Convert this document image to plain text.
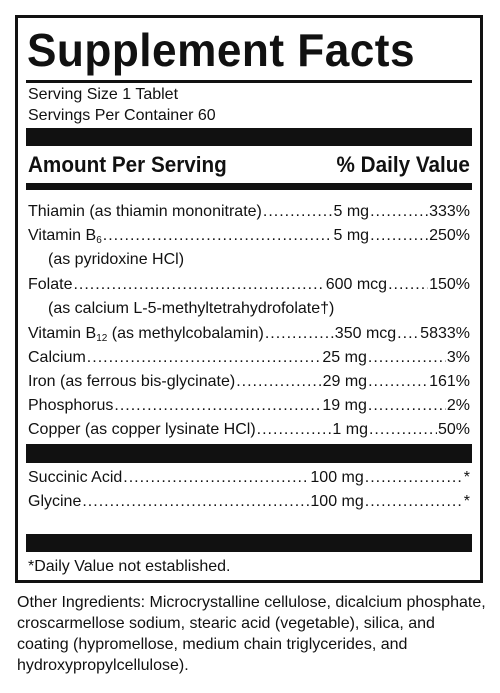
Supplement Facts
Serving Size 1 Tablet
Servings Per Container 60
Amount Per Serving	% Daily Value
Thiamin (as thiamin mononitrate) .....	5 mg .....	333%
Vitamin $B_6$ .....	5 mg .....	250%
(as pyridoxine HCl)
Folate .....	600 mcg .....	150%
(as calcium L-5-methyltetrahydrofolate†)
Vitamin $B_{12}$ (as methylcobalamin) .....	350 mcg ..... 5833%
Calcium .....	25 mg .....	3%
Iron (as ferrous bis-glycinate) .....	29 mg .....	161%
Phosphorus .....	19 mg .....	2%
Copper (as copper lysinate HCl) .....	1 mg .....	50%
Succinic Acid .....	100 mg .....	*
Glycine .....	100 mg .....	*
*Daily Value not established.
Other Ingredients: Microcrystalline cellulose, dicalcium phosphate, croscarmellose sodium, stearic acid (vegetable), silica, and coating (hypromellose, medium chain triglycerides, and hydroxypropylcellulose).
